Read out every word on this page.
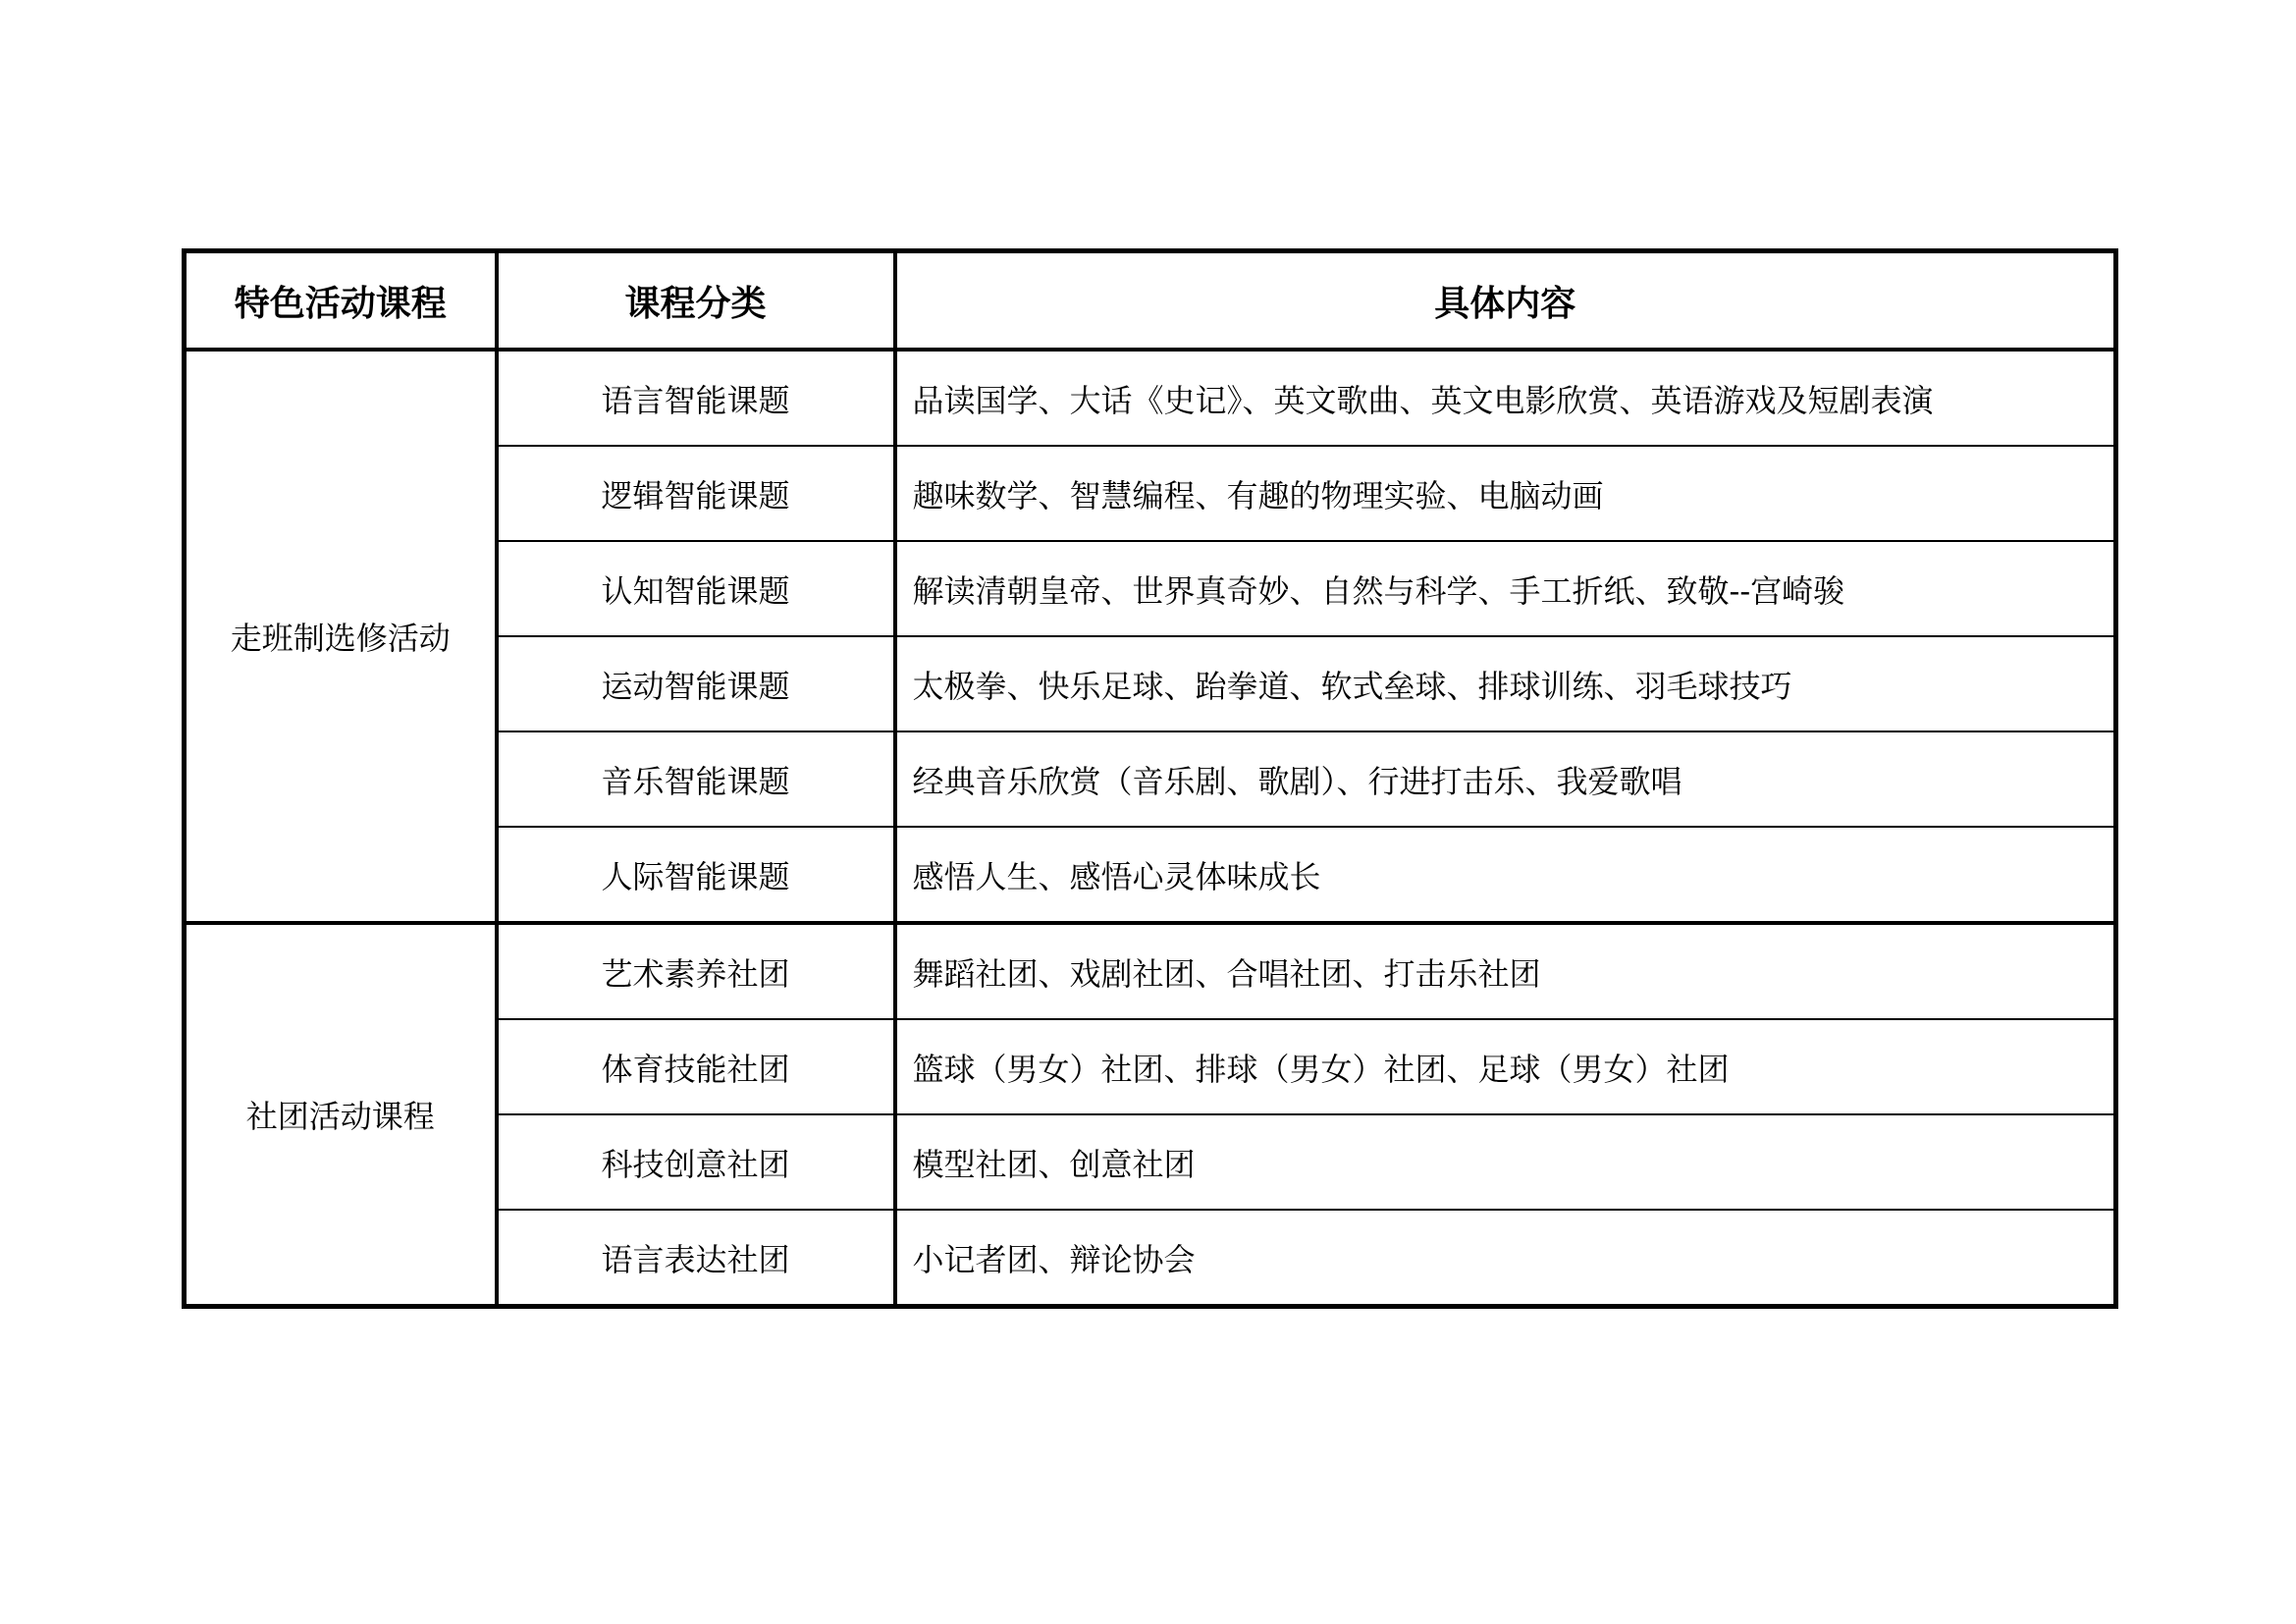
特色活动课程	课程分类	具体内容
走班制选修活动	语言智能课题	品读国学、大话《史记》、英文歌曲、英文电影欣赏、英语游戏及短剧表演
	逻辑智能课题	趣味数学、智慧编程、有趣的物理实验、电脑动画
	认知智能课题	解读清朝皇帝、世界真奇妙、自然与科学、手工折纸、致敬--宫崎骏
	运动智能课题	太极拳、快乐足球、跆拳道、软式垒球、排球训练、羽毛球技巧
	音乐智能课题	经典音乐欣赏（音乐剧、歌剧）、行进打击乐、我爱歌唱
	人际智能课题	感悟人生、感悟心灵体味成长
社团活动课程	艺术素养社团	舞蹈社团、戏剧社团、合唱社团、打击乐社团
	体育技能社团	篮球（男女）社团、排球（男女）社团、足球（男女）社团
	科技创意社团	模型社团、创意社团
	语言表达社团	小记者团、辩论协会
